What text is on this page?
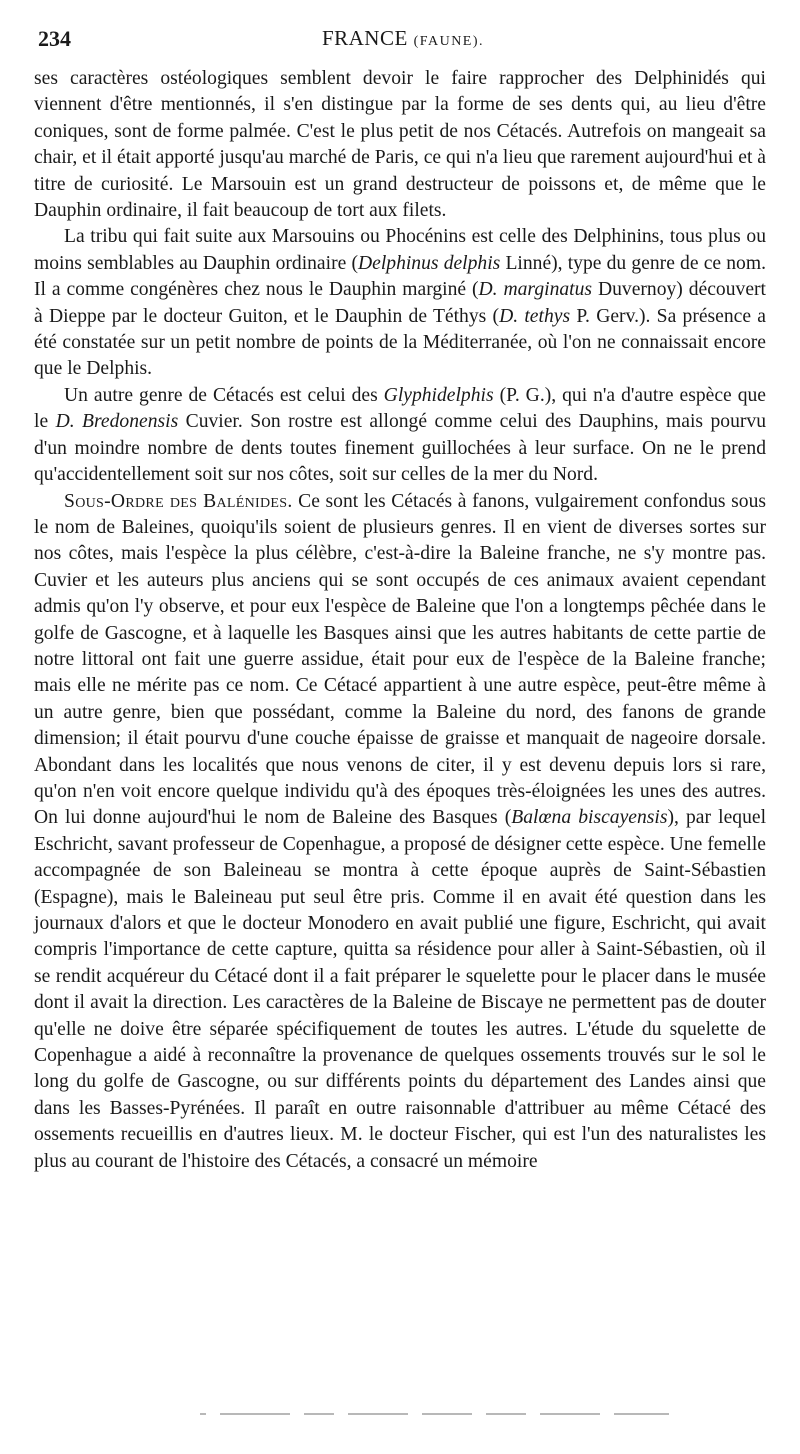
234	FRANCE (FAUNE).

ses caractères ostéologiques semblent devoir le faire rapprocher des Delphinidés qui viennent d'être mentionnés, il s'en distingue par la forme de ses dents qui, au lieu d'être coniques, sont de forme palmée. C'est le plus petit de nos Cétacés. Autrefois on mangeait sa chair, et il était apporté jusqu'au marché de Paris, ce qui n'a lieu que rarement aujourd'hui et à titre de curiosité. Le Marsouin est un grand destructeur de poissons et, de même que le Dauphin ordinaire, il fait beaucoup de tort aux filets.

La tribu qui fait suite aux Marsouins ou Phocénins est celle des Delphinins, tous plus ou moins semblables au Dauphin ordinaire (Delphinus delphis Linné), type du genre de ce nom. Il a comme congénères chez nous le Dauphin marginé (D. marginatus Duvernoy) découvert à Dieppe par le docteur Guiton, et le Dauphin de Téthys (D. tethys P. Gerv.). Sa présence a été constatée sur un petit nombre de points de la Méditerranée, où l'on ne connaissait encore que le Delphis.

Un autre genre de Cétacés est celui des Glyphidelphis (P. G.), qui n'a d'autre espèce que le D. Bredonensis Cuvier. Son rostre est allongé comme celui des Dauphins, mais pourvu d'un moindre nombre de dents toutes finement guillochées à leur surface. On ne le prend qu'accidentellement soit sur nos côtes, soit sur celles de la mer du Nord.

Sous-Ordre des Balénides. Ce sont les Cétacés à fanons, vulgairement confondus sous le nom de Baleines, quoiqu'ils soient de plusieurs genres. Il en vient de diverses sortes sur nos côtes, mais l'espèce la plus célèbre, c'est-à-dire la Baleine franche, ne s'y montre pas. Cuvier et les auteurs plus anciens qui se sont occupés de ces animaux avaient cependant admis qu'on l'y observe, et pour eux l'espèce de Baleine que l'on a longtemps pêchée dans le golfe de Gascogne, et à laquelle les Basques ainsi que les autres habitants de cette partie de notre littoral ont fait une guerre assidue, était pour eux de l'espèce de la Baleine franche; mais elle ne mérite pas ce nom. Ce Cétacé appartient à une autre espèce, peut-être même à un autre genre, bien que possédant, comme la Baleine du nord, des fanons de grande dimension; il était pourvu d'une couche épaisse de graisse et manquait de nageoire dorsale. Abondant dans les localités que nous venons de citer, il y est devenu depuis lors si rare, qu'on n'en voit encore quelque individu qu'à des époques très-éloignées les unes des autres. On lui donne aujourd'hui le nom de Baleine des Basques (Balœna biscayensis), par lequel Eschricht, savant professeur de Copenhague, a proposé de désigner cette espèce. Une femelle accompagnée de son Baleineau se montra à cette époque auprès de Saint-Sébastien (Espagne), mais le Baleineau put seul être pris. Comme il en avait été question dans les journaux d'alors et que le docteur Monodero en avait publié une figure, Eschricht, qui avait compris l'importance de cette capture, quitta sa résidence pour aller à Saint-Sébastien, où il se rendit acquéreur du Cétacé dont il a fait préparer le squelette pour le placer dans le musée dont il avait la direction. Les caractères de la Baleine de Biscaye ne permettent pas de douter qu'elle ne doive être séparée spécifiquement de toutes les autres. L'étude du squelette de Copenhague a aidé à reconnaître la provenance de quelques ossements trouvés sur le sol le long du golfe de Gascogne, ou sur différents points du département des Landes ainsi que dans les Basses-Pyrénées. Il paraît en outre raisonnable d'attribuer au même Cétacé des ossements recueillis en d'autres lieux. M. le docteur Fischer, qui est l'un des naturalistes les plus au courant de l'histoire des Cétacés, a consacré un mémoire
